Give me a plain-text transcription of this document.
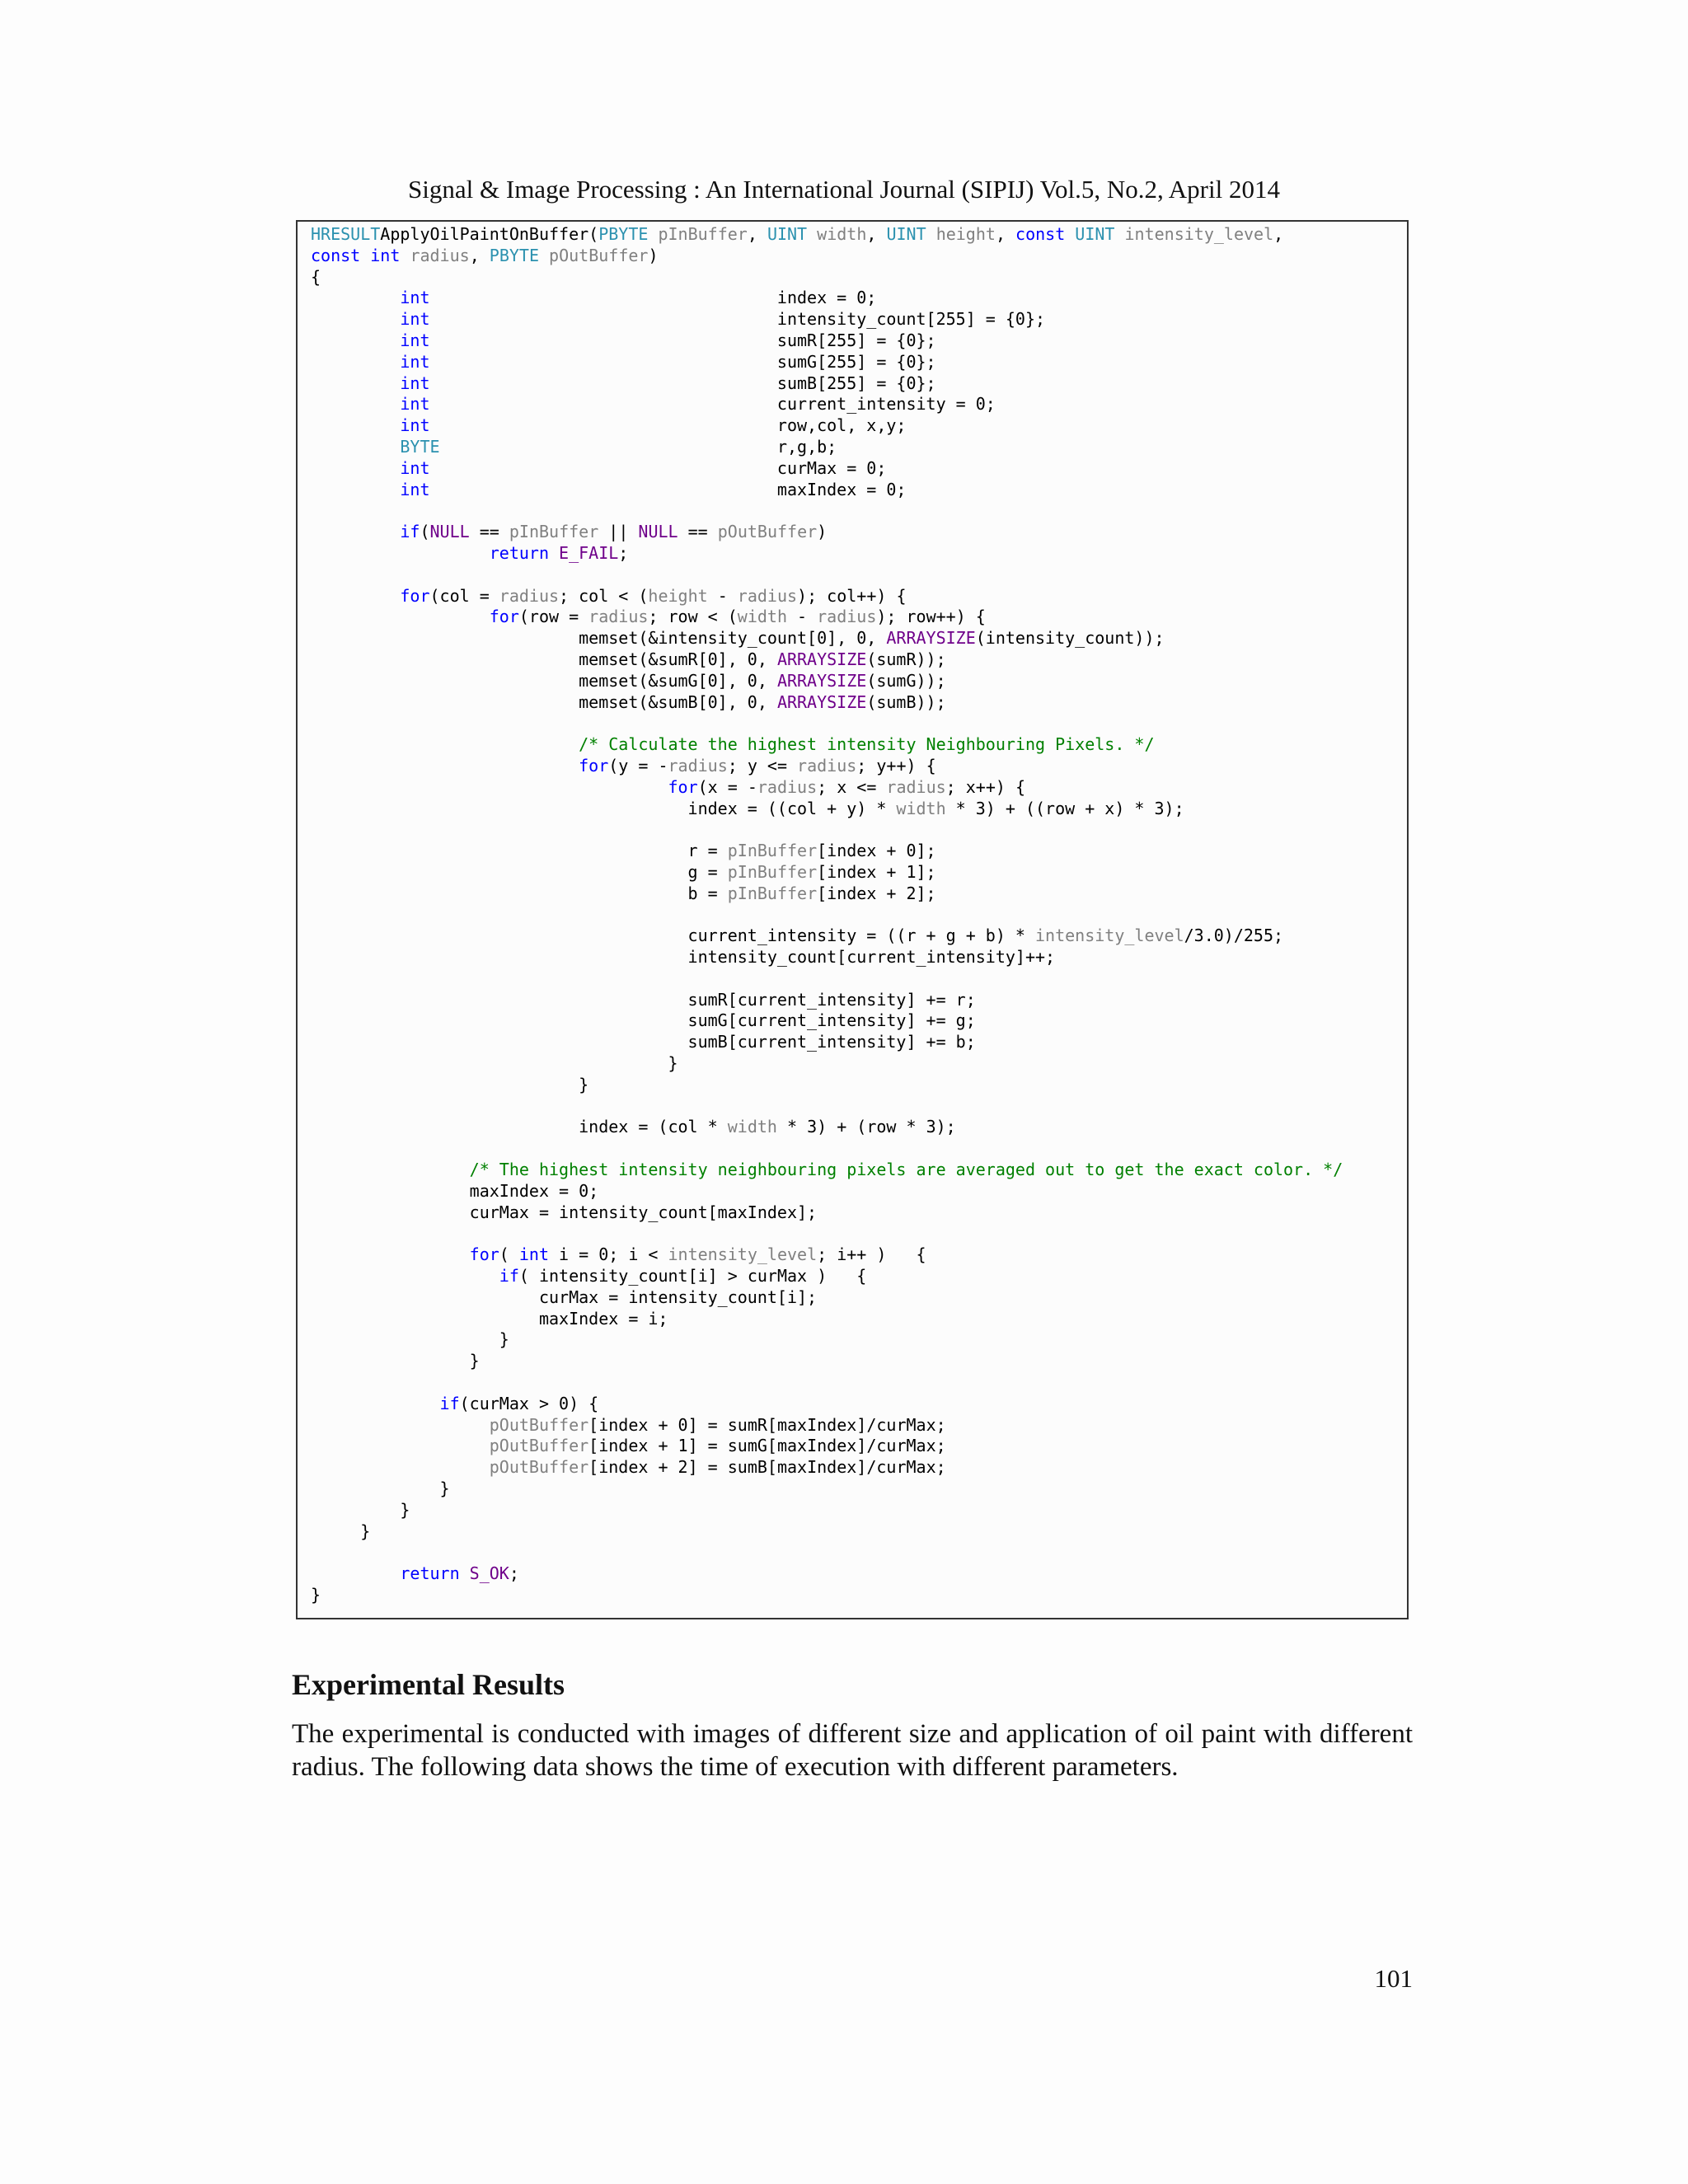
Signal & Image Processing : An International Journal (SIPIJ) Vol.5, No.2, April 2014
HRESULTApplyOilPaintOnBuffer(PBYTE pInBuffer, UINT width, UINT height, const UINT intensity_level,
const int radius, PBYTE pOutBuffer)
{
int                                   index = 0;
int                                   intensity_count[255] = {0};
int                                   sumR[255] = {0};
int                                   sumG[255] = {0};
int                                   sumB[255] = {0};
int                                   current_intensity = 0;
int                                   row,col, x,y;
BYTE                                  r,g,b;
int                                   curMax = 0;
int                                   maxIndex = 0;

if(NULL == pInBuffer || NULL == pOutBuffer)
return E_FAIL;

for(col = radius; col < (height - radius); col++) {
for(row = radius; row < (width - radius); row++) {
memset(&intensity_count[0], 0, ARRAYSIZE(intensity_count));
memset(&sumR[0], 0, ARRAYSIZE(sumR));
memset(&sumG[0], 0, ARRAYSIZE(sumG));
memset(&sumB[0], 0, ARRAYSIZE(sumB));

/* Calculate the highest intensity Neighbouring Pixels. */
for(y = -radius; y <= radius; y++) {
for(x = -radius; x <= radius; x++) {
index = ((col + y) * width * 3) + ((row + x) * 3);

r = pInBuffer[index + 0];
g = pInBuffer[index + 1];
b = pInBuffer[index + 2];

current_intensity = ((r + g + b) * intensity_level/3.0)/255;
intensity_count[current_intensity]++;

sumR[current_intensity] += r;
sumG[current_intensity] += g;
sumB[current_intensity] += b;
}
}

index = (col * width * 3) + (row * 3);

/* The highest intensity neighbouring pixels are averaged out to get the exact color. */
maxIndex = 0;
curMax = intensity_count[maxIndex];

for( int i = 0; i < intensity_level; i++ )   {
if( intensity_count[i] > curMax )   {
curMax = intensity_count[i];
maxIndex = i;
}
}

if(curMax > 0) {
pOutBuffer[index + 0] = sumR[maxIndex]/curMax;
pOutBuffer[index + 1] = sumG[maxIndex]/curMax;
pOutBuffer[index + 2] = sumB[maxIndex]/curMax;
}
}
}

return S_OK;
}

Experimental Results

The experimental is conducted with images of different size and application of oil paint with different radius. The following data shows the time of execution with different parameters.

101
